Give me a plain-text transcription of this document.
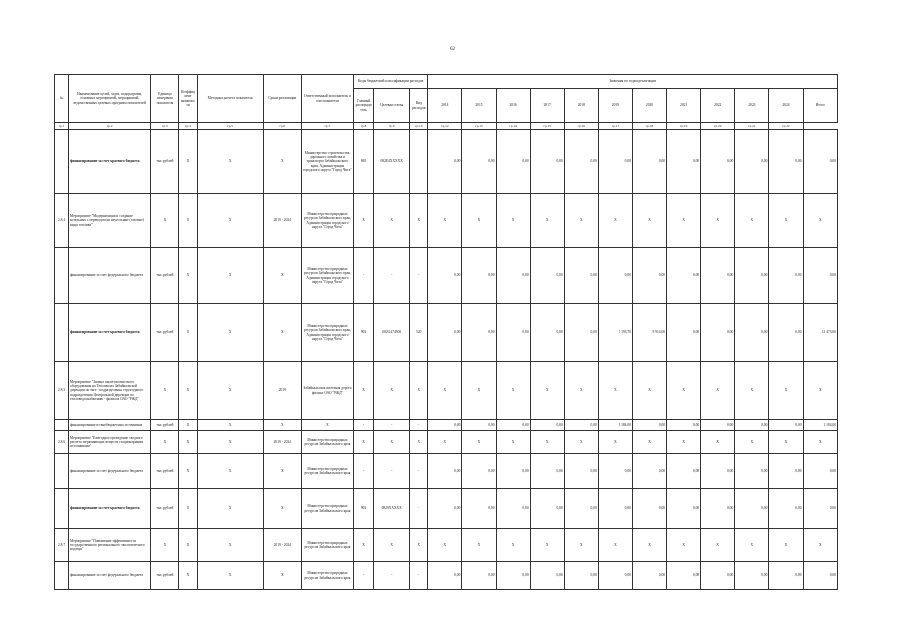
62
№	Наименование целей, задач, подпрограмм, основных мероприятий, мероприятий, ведомственных целевых программ показателей	Единица измерения показателя	Коэффициент значимости	Методика расчета показателя	Сроки реализации	Ответственный исполнитель и соисполнители	Коды бюджетной классификации расходов			Значения по годам реализации											
							Главный распорядитель	Целевая статья	Вид расходов	2014	2015	2016	2017	2018	2019	2020	2021	2022	2023	2024	Итого
гр.1	гр.2	гр.3	гр.4	гр.5	гр.6	гр.7	гр.8	гр.9	гр.10	гр.12	гр.13	гр.14	гр.15	гр.16	гр.17	гр.18	гр.19	гр.20	гр.21	гр.22	
	финансирование за счет краевого бюджета	тыс.рублей	X	X	X	Министерство строительства, дорожного хозяйства и транспорта Забайкальского края, Администрация городского округа "Город Чита"	865	082Е4ХХХХХ		0,00	0,00	0,00	0,00	0,00	0,00	0,00	0,00	0,00	0,00	0,00	0,00
2.8.4	Мероприятие "Модернизация и создание котельных с переводом на неугольные (газовые) виды топлива"	X	X	X	2019 - 2024	Министерство природных ресурсов Забайкальского края, Администрация городского округа "Город Чита"	X	X	X	X	X	X	X	X	X	X	X	X	X	X	X
	финансирование за счет федерального бюджета	тыс.рублей	X	X	X	Министерство природных ресурсов Забайкальского края, Администрация городского округа "Город Чита"	-	-	-	0,00	0,00	0,00	0,00	0,00	0,00	0,00	0,00	0,00	0,00	0,00	0,00
	финансирование за счет краевого бюджета	тыс.рублей	X	X	X	Министерство природных ресурсов Забайкальского края, Администрация городского округа "Город Чита"	902	082G474508	520	0,00	0,00	0,00	0,00	0,00	1 193,70	9 914,00	0,00	0,00	0,00	0,00	12 473,00
2.8.5	Мероприятие "Замена пылегазоочистного оборудования на Тепловозах Забайкальской дирекции по тяге - подразделения структурного подразделения Центральной дирекции по тепловодоснабжению - филиала ОАО "РЖД"	X	X	X	2019	Забайкальская железная дорога филиал ОАО "РЖД"	X	X	X	X	X	X	X	X	X	X	X	X	X	X	X
	финансирование из внебюджетных источников	тыс.рублей	X	X	X	X	-	-	-	0,00	0,00	0,00	0,00	0,00	1 184,00	0,00	0,00	0,00	0,00	0,00	1 184,00
2.8.6	Мероприятие "Ежегодное проведение сводного расчета загрязняющих веществ стационарными источниками"	X	X	X	2019 - 2024	Министерство природных ресурсов Забайкальского края	X	X	X	X	X	X	X	X	X	X	X	X	X	X	X
	финансирование за счет федерального бюджета	тыс.рублей	X	X	X	Министерство природных ресурсов Забайкальского края	-	-	-	0,00	0,00	0,00	0,00	0,00	0,00	0,00	0,00	0,00	0,00	0,00	0,00
	финансирование за счет краевого бюджета	тыс.рублей	X	X	X	Министерство природных ресурсов Забайкальского края	902	0820ХХХХХ	-	0,00	0,00	0,00	0,00	0,00	0,00	0,00	0,00	0,00	0,00	0,00	0,00
2.8.7	Мероприятие "Повышение эффективности государственного регионального экологического надзора"	X	X	X	2019 - 2024	Министерство природных ресурсов Забайкальского края	X	X	X	X	X	X	X	X	X	X	X	X	X	X	X
	финансирование за счет федерального бюджета	тыс.рублей	X	X	X	Министерство природных ресурсов Забайкальского края	-	-	-	0,00	0,00	0,00	0,00	0,00	0,00	0,00	0,00	0,00	0,00	0,00	0,00
